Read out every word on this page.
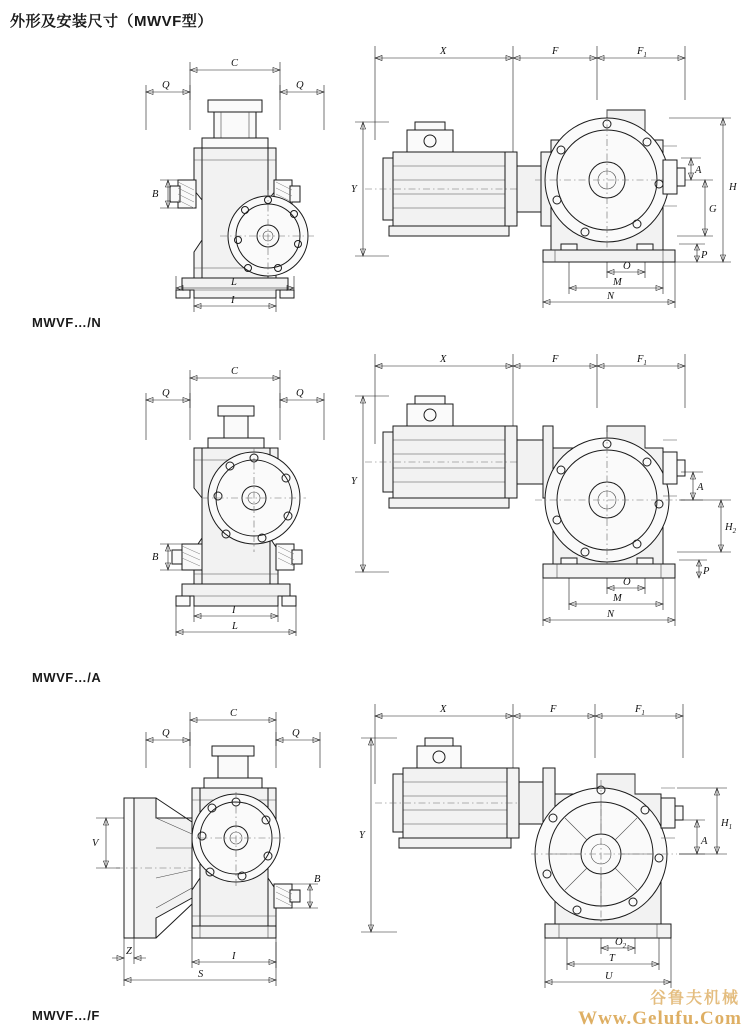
外形及安装尺寸（MWVF型）
C
Q	Q
B
I
L
X	F	$F_1$
Y	H
G
A
P
O
M
N
MWVF…/N
C
Q	Q
B
I
L
X	F	$F_1$
Y
A
$H_2$
P
O
M
N
MWVF…/A
C
Q	Q
B
V
Z
S
I
X	F	$F_1$
Y
$H_1$
A
$O_2$
T
U
MWVF…/F
谷鲁夫机械
Www.Gelufu.Com
